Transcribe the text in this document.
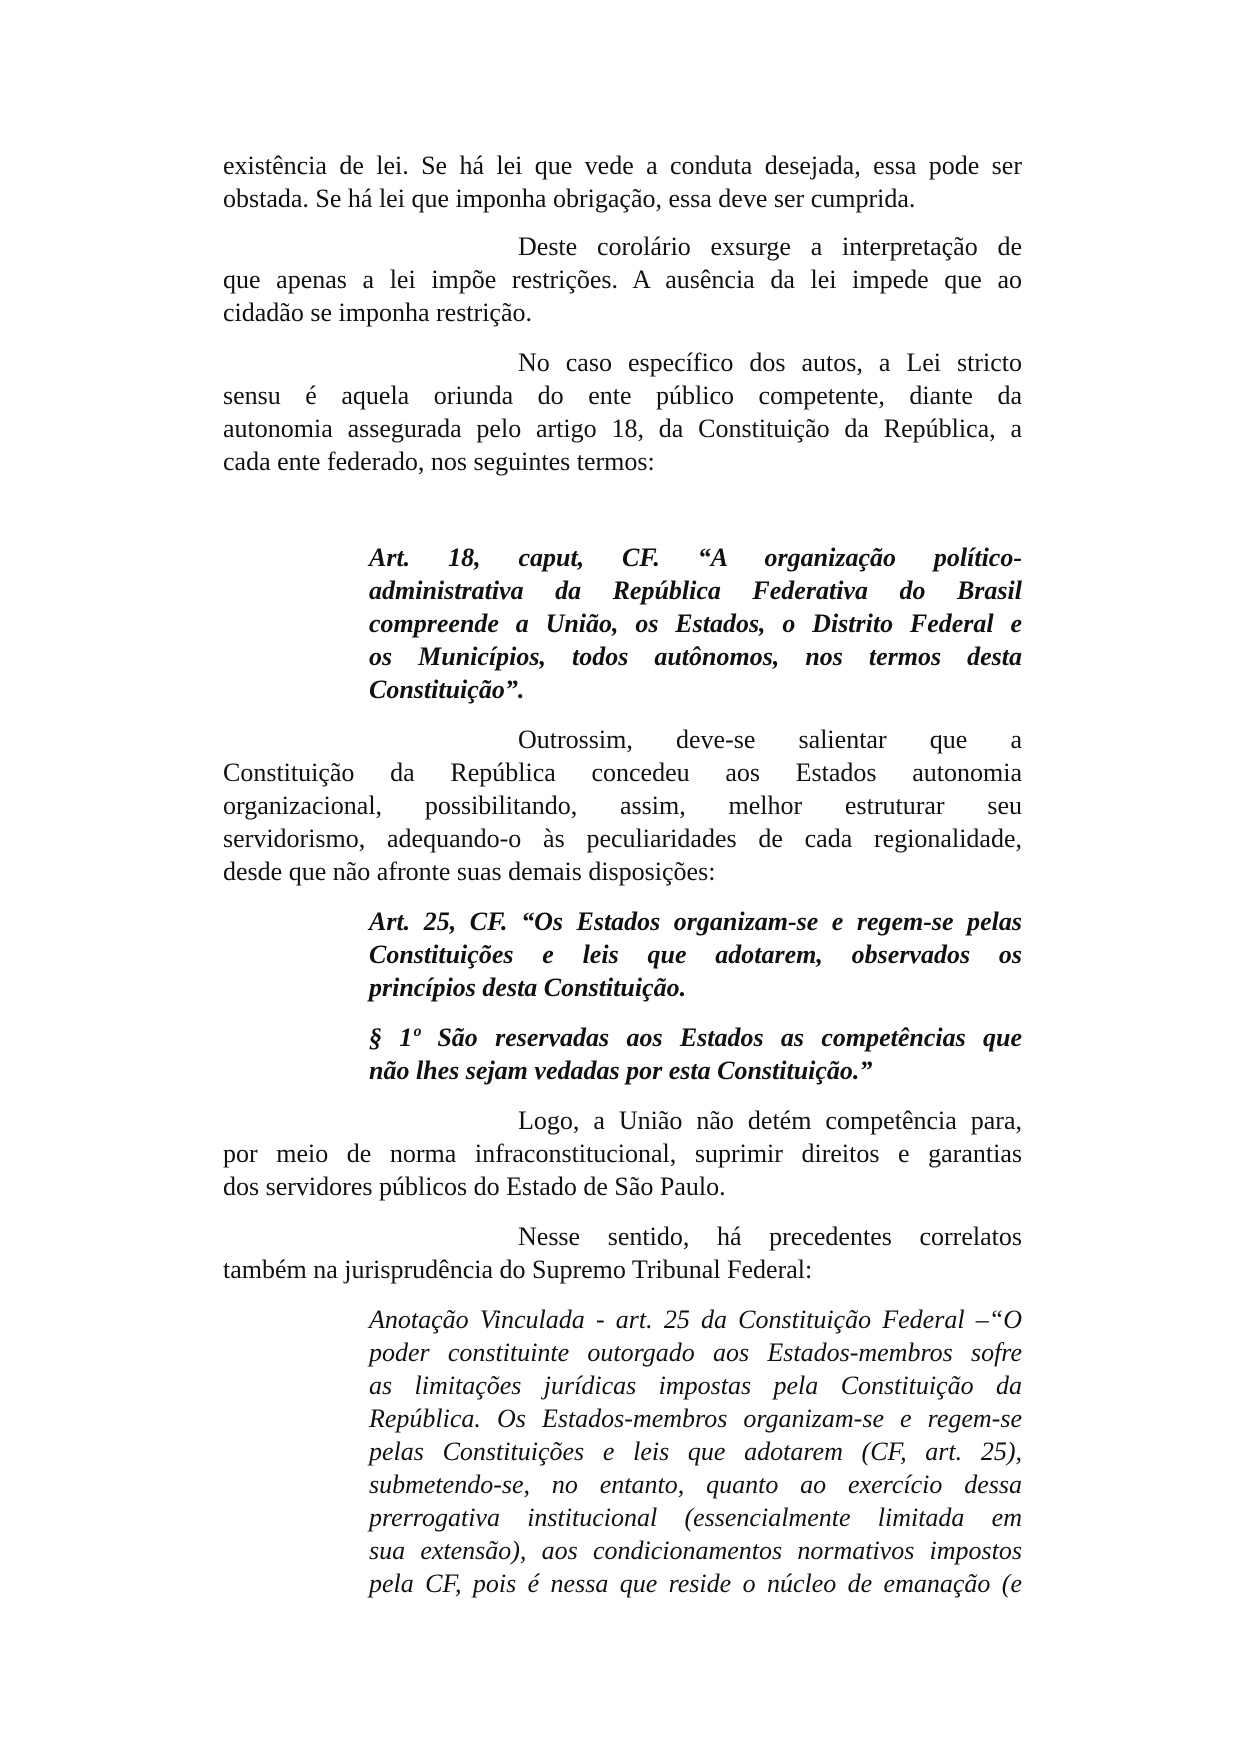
existência de lei. Se há lei que vede a conduta desejada, essa pode ser

obstada. Se há lei que imponha obrigação, essa deve ser cumprida.

Deste corolário exsurge a interpretação de

que apenas a lei impõe restrições. A ausência da lei impede que ao

cidadão se imponha restrição.

No caso específico dos autos, a Lei stricto

sensu é aquela oriunda do ente público competente, diante da

autonomia assegurada pelo artigo 18, da Constituição da República, a

cada ente federado, nos seguintes termos:

Art. 18, caput, CF. “A organização político-

administrativa da República Federativa do Brasil

compreende a União, os Estados, o Distrito Federal e

os Municípios, todos autônomos, nos termos desta

Constituição”.

Outrossim, deve-se salientar que a

Constituição da República concedeu aos Estados autonomia

organizacional, possibilitando, assim, melhor estruturar seu

servidorismo, adequando-o às peculiaridades de cada regionalidade,

desde que não afronte suas demais disposições:

Art. 25, CF. “Os Estados organizam-se e regem-se pelas

Constituições e leis que adotarem, observados os

princípios desta Constituição.

§ 1º São reservadas aos Estados as competências que

não lhes sejam vedadas por esta Constituição.”

Logo, a União não detém competência para,

por meio de norma infraconstitucional, suprimir direitos e garantias

dos servidores públicos do Estado de São Paulo.

Nesse sentido, há precedentes correlatos

também na jurisprudência do Supremo Tribunal Federal:

Anotação Vinculada - art. 25 da Constituição Federal –“O

poder constituinte outorgado aos Estados-membros sofre

as limitações jurídicas impostas pela Constituição da

República. Os Estados-membros organizam-se e regem-se

pelas Constituições e leis que adotarem (CF, art. 25),

submetendo-se, no entanto, quanto ao exercício dessa

prerrogativa institucional (essencialmente limitada em

sua extensão), aos condicionamentos normativos impostos

pela CF, pois é nessa que reside o núcleo de emanação (e
